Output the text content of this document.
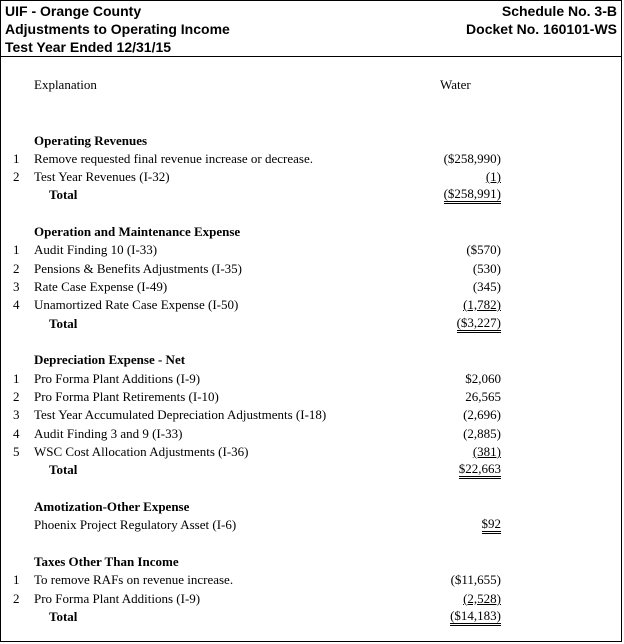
UIF - Orange County
Adjustments to Operating Income
Test Year Ended 12/31/15
Schedule No. 3-B
Docket No. 160101-WS
Explanation	Water
Operating Revenues
1 Remove requested final revenue increase or decrease.	($258,990)
2 Test Year Revenues (I-32)	(1)
Total	($258,991)
Operation and Maintenance Expense
1 Audit Finding 10 (I-33)	($570)
2 Pensions & Benefits Adjustments (I-35)	(530)
3 Rate Case Expense (I-49)	(345)
4 Unamortized Rate Case Expense (I-50)	(1,782)
Total	($3,227)
Depreciation Expense - Net
1 Pro Forma Plant Additions (I-9)	$2,060
2 Pro Forma Plant Retirements (I-10)	26,565
3 Test Year Accumulated Depreciation Adjustments (I-18)	(2,696)
4 Audit Finding 3 and 9 (I-33)	(2,885)
5 WSC Cost Allocation Adjustments (I-36)	(381)
Total	$22,663
Amotization-Other Expense
Phoenix Project Regulatory Asset (I-6)	$92
Taxes Other Than Income
1 To remove RAFs on revenue increase.	($11,655)
2 Pro Forma Plant Additions (I-9)	(2,528)
Total	($14,183)
